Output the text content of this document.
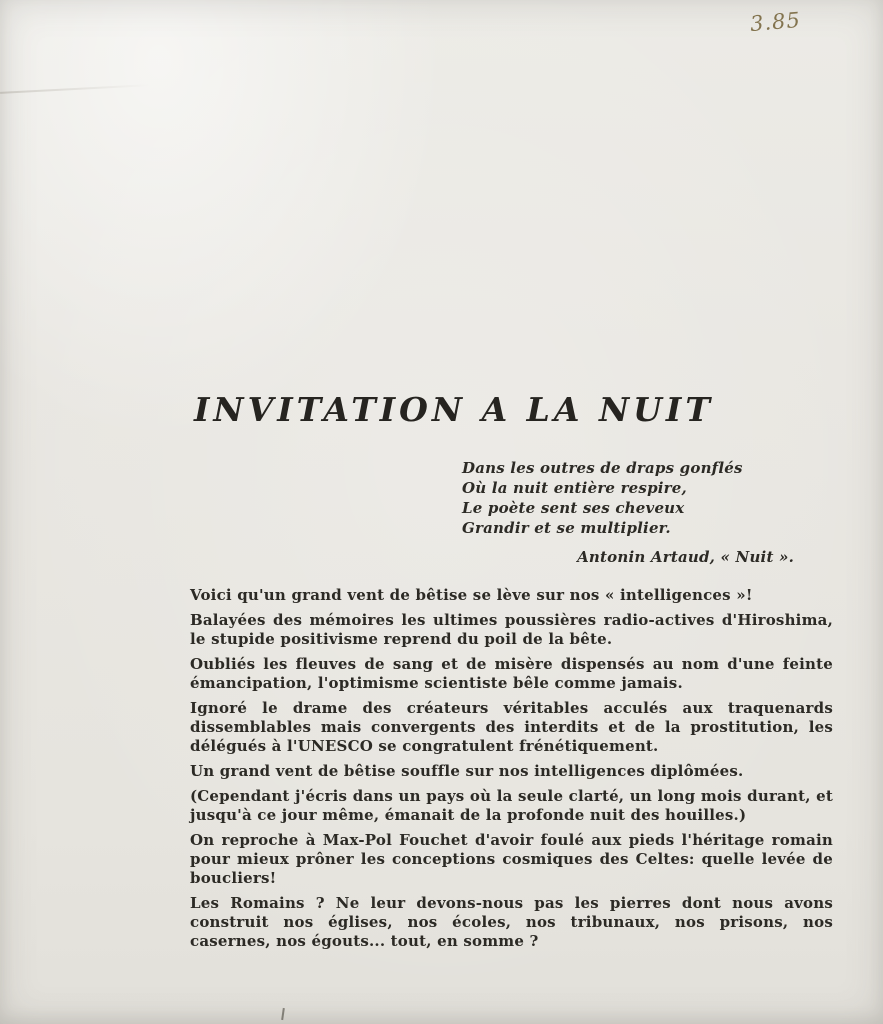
3.85
INVITATION A LA NUIT
Dans les outres de draps gonflés
Où la nuit entière respire,
Le poète sent ses cheveux
Grandir et se multiplier.
Antonin Artaud, « Nuit ».

Voici qu'un grand vent de bêtise se lève sur nos « intelligences »!

Balayées des mémoires les ultimes poussières radio-actives d'Hiroshima, le stupide positivisme reprend du poil de la bête.

Oubliés les fleuves de sang et de misère dispensés au nom d'une feinte émancipation, l'optimisme scientiste bêle comme jamais.

Ignoré le drame des créateurs véritables acculés aux traquenards dissemblables mais convergents des interdits et de la prostitution, les délégués à l'UNESCO se congratulent frénétiquement.

Un grand vent de bêtise souffle sur nos intelligences diplômées.

(Cependant j'écris dans un pays où la seule clarté, un long mois durant, et jusqu'à ce jour même, émanait de la profonde nuit des houilles.)

On reproche à Max-Pol Fouchet d'avoir foulé aux pieds l'héritage romain pour mieux prôner les conceptions cosmiques des Celtes: quelle levée de boucliers!

Les Romains ? Ne leur devons-nous pas les pierres dont nous avons construit nos églises, nos écoles, nos tribunaux, nos prisons, nos casernes, nos égouts... tout, en somme ?
